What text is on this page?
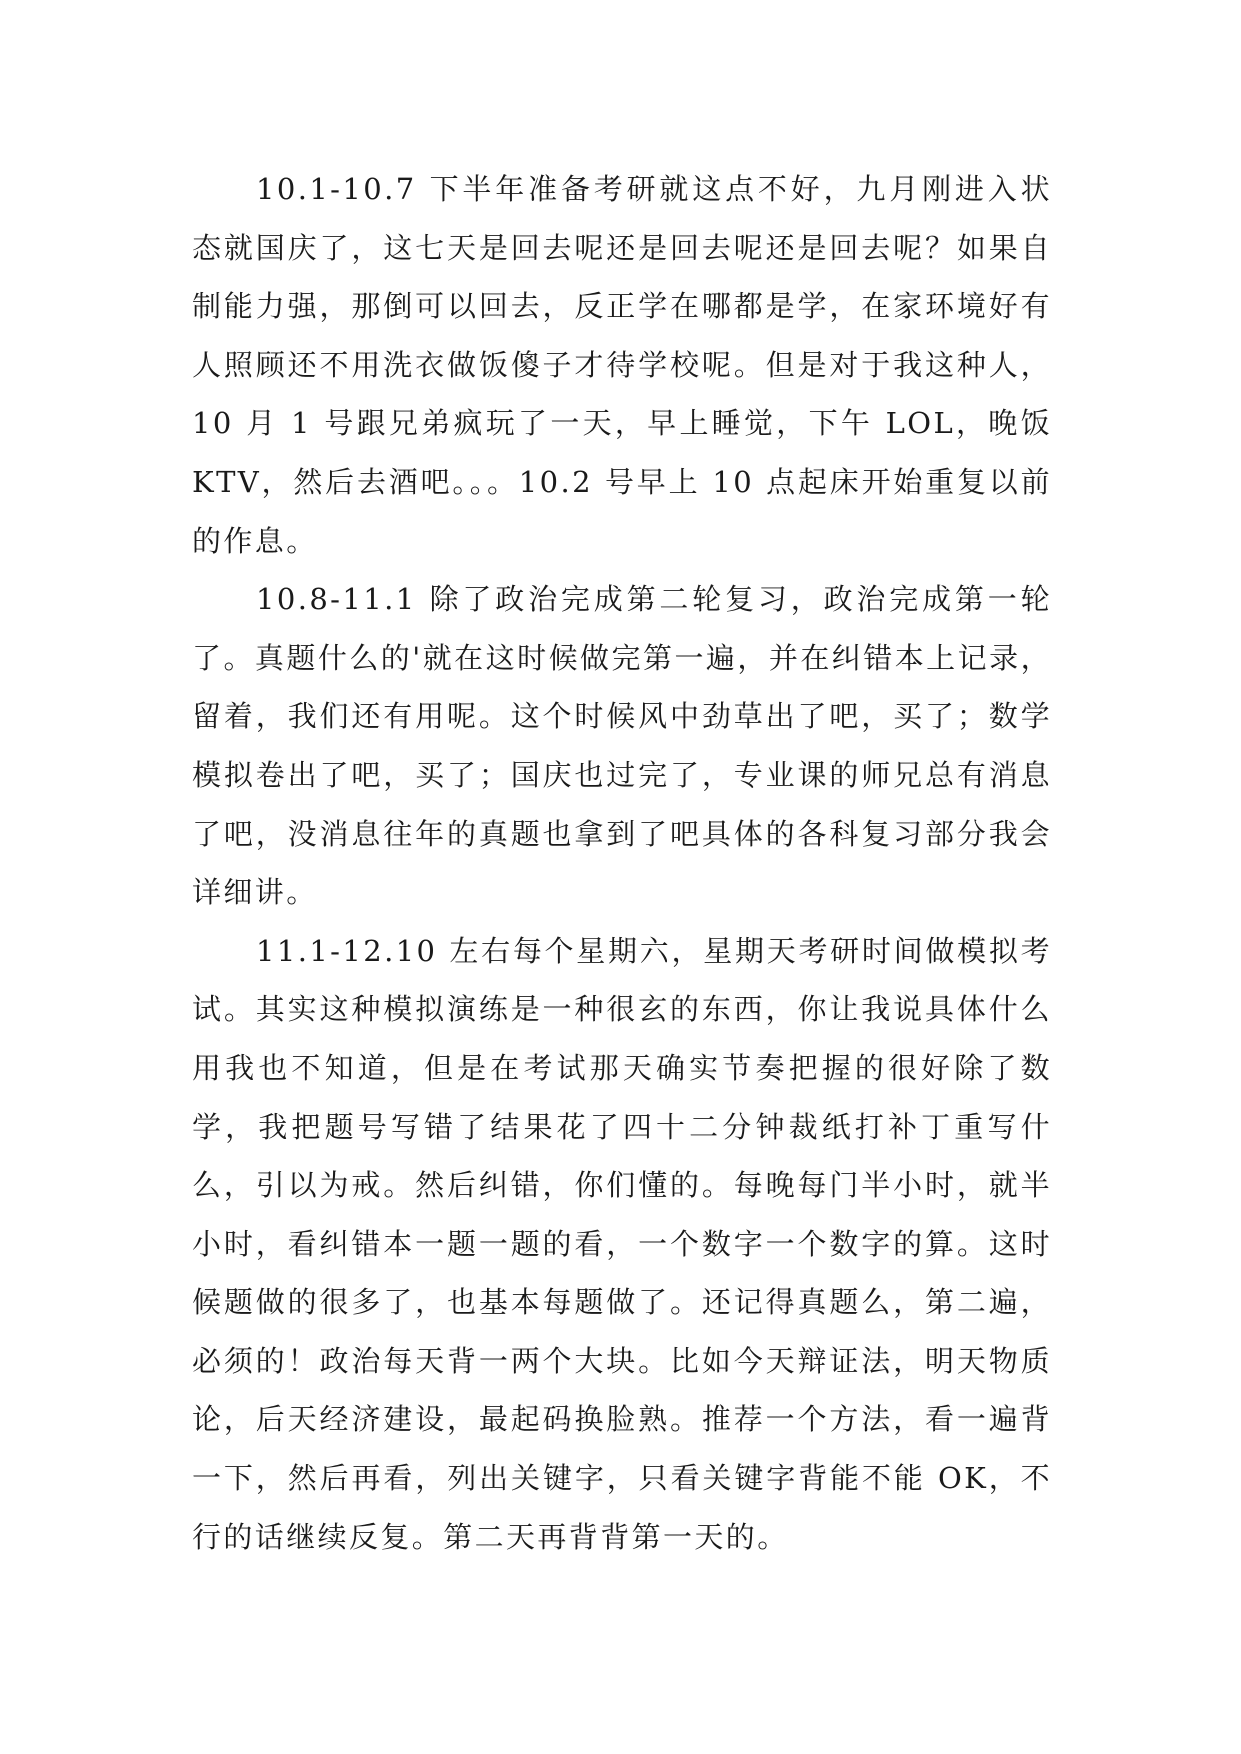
10.1-10.7 下半年准备考研就这点不好，九月刚进入状态就国庆了，这七天是回去呢还是回去呢还是回去呢？如果自制能力强，那倒可以回去，反正学在哪都是学，在家环境好有人照顾还不用洗衣做饭傻子才待学校呢。但是对于我这种人，10 月 1 号跟兄弟疯玩了一天，早上睡觉，下午 LOL，晚饭 KTV，然后去酒吧。。。10.2 号早上 10 点起床开始重复以前的作息。

10.8-11.1 除了政治完成第二轮复习，政治完成第一轮了。真题什么的'就在这时候做完第一遍，并在纠错本上记录，留着，我们还有用呢。这个时候风中劲草出了吧，买了；数学模拟卷出了吧，买了；国庆也过完了，专业课的师兄总有消息了吧，没消息往年的真题也拿到了吧具体的各科复习部分我会详细讲。

11.1-12.10 左右每个星期六，星期天考研时间做模拟考试。其实这种模拟演练是一种很玄的东西，你让我说具体什么用我也不知道，但是在考试那天确实节奏把握的很好除了数学，我把题号写错了结果花了四十二分钟裁纸打补丁重写什么，引以为戒。然后纠错，你们懂的。每晚每门半小时，就半小时，看纠错本一题一题的看，一个数字一个数字的算。这时候题做的很多了，也基本每题做了。还记得真题么，第二遍，必须的！政治每天背一两个大块。比如今天辩证法，明天物质论，后天经济建设，最起码换脸熟。推荐一个方法，看一遍背一下，然后再看，列出关键字，只看关键字背能不能 OK，不行的话继续反复。第二天再背背第一天的。
